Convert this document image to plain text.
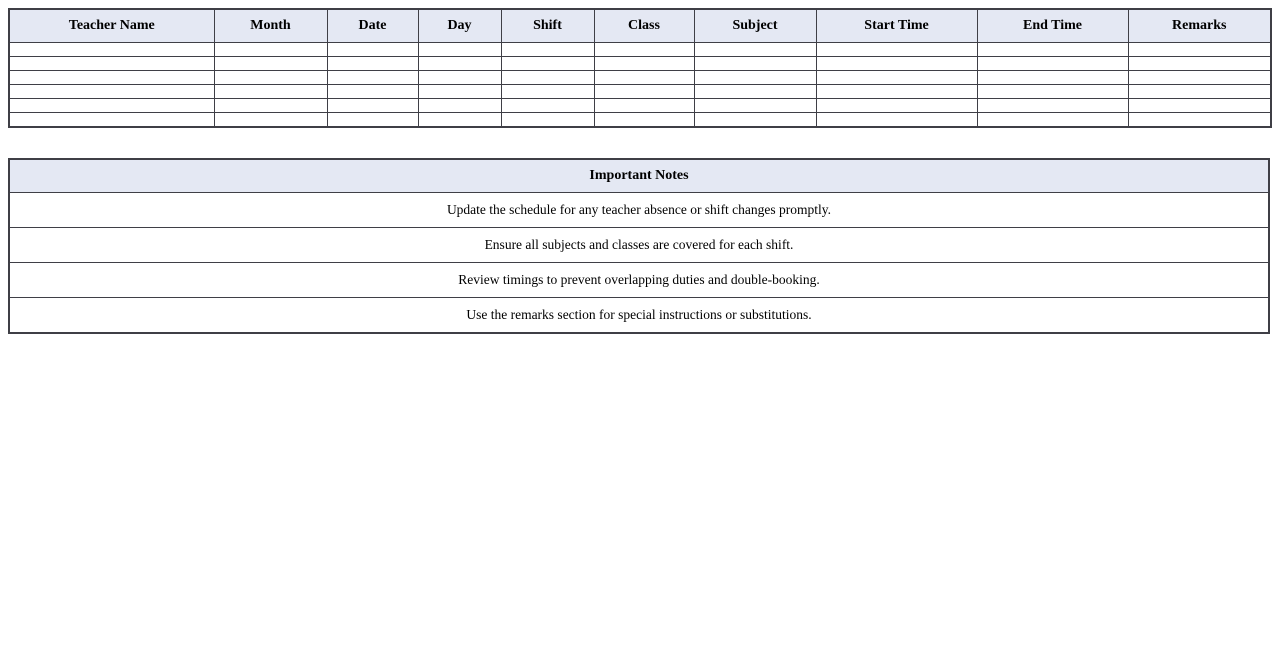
Teacher Name	Month	Date	Day	Shift	Class	Subject	Start Time	End Time	Remarks

Important Notes
Update the schedule for any teacher absence or shift changes promptly.
Ensure all subjects and classes are covered for each shift.
Review timings to prevent overlapping duties and double-booking.
Use the remarks section for special instructions or substitutions.
